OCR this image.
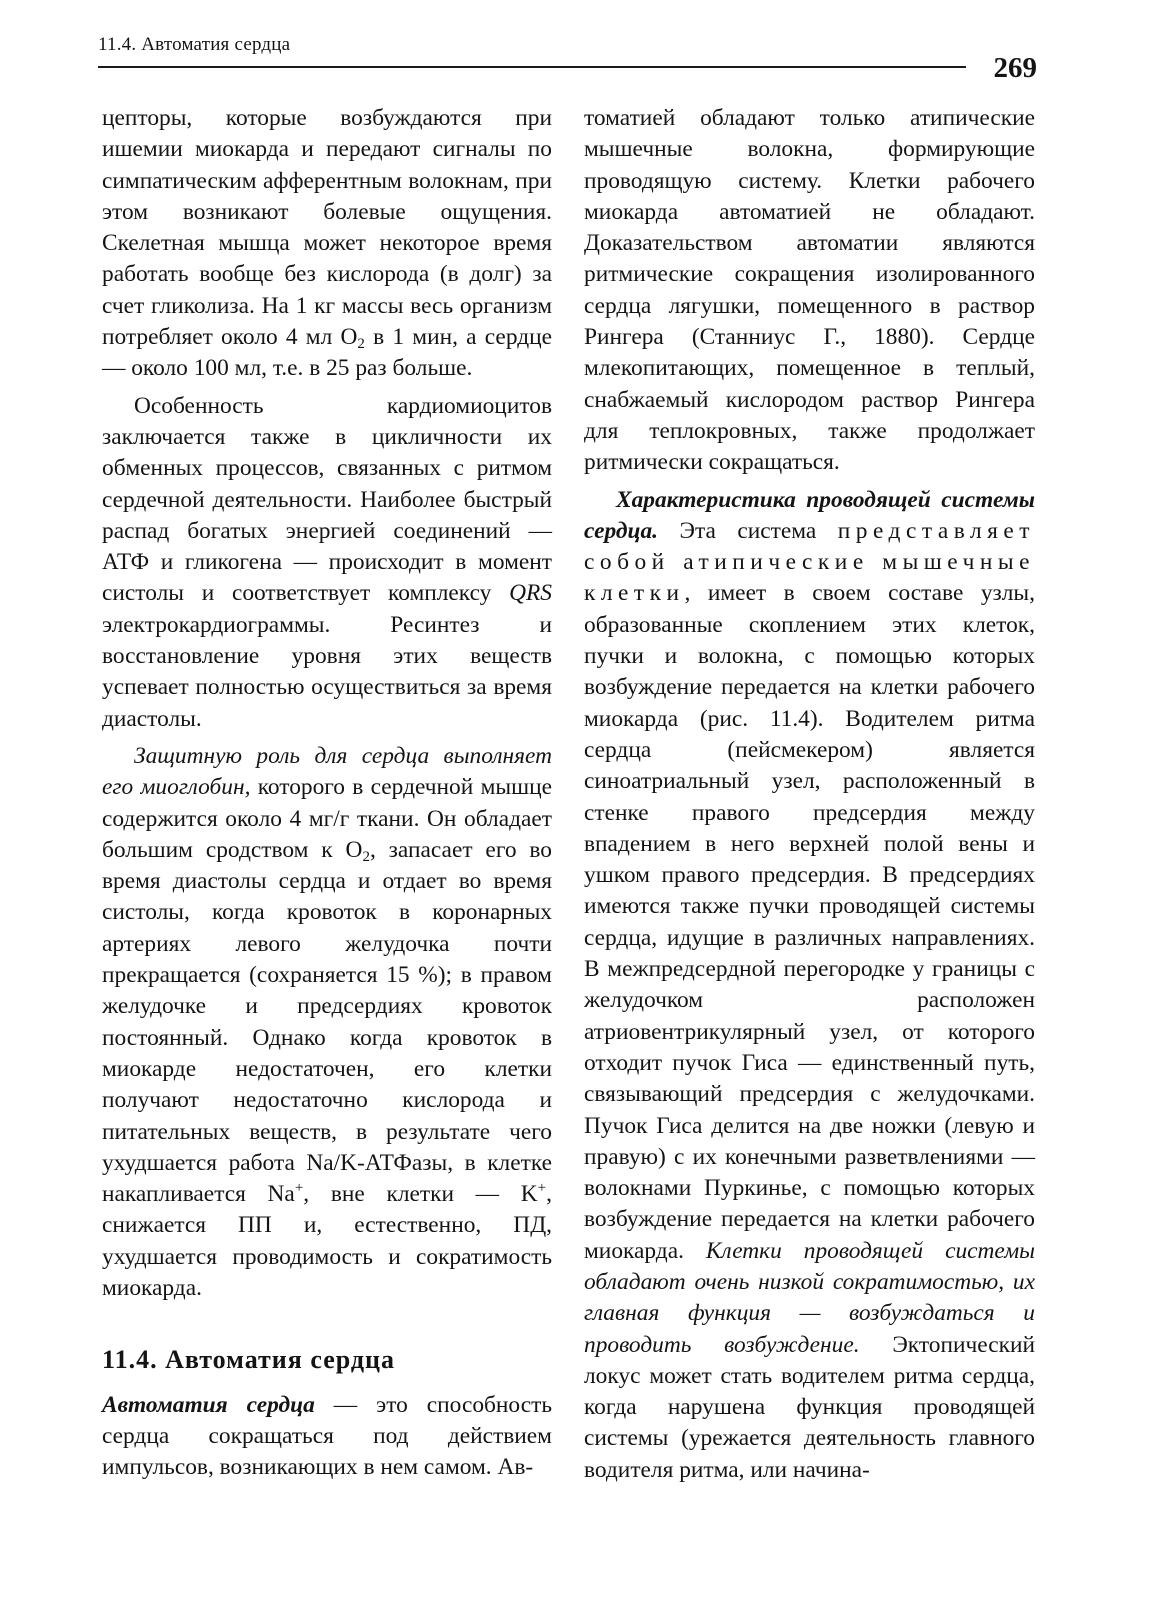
11.4. Автоматия сердца
269

цепторы, которые возбуждаются при ишемии миокарда и передают сигналы по симпатическим афферентным волокнам, при этом возникают болевые ощущения. Скелетная мышца может некоторое время работать вообще без кислорода (в долг) за счет гликолиза. На 1 кг массы весь организм потребляет около 4 мл $О_2$ в 1 мин, а сердце — около 100 мл, т.е. в 25 раз больше.

Особенность кардиомиоцитов заключается также в цикличности их обменных процессов, связанных с ритмом сердечной деятельности. Наиболее быстрый распад богатых энергией соединений — АТФ и гликогена — происходит в момент систолы и соответствует комплексу QRS электрокардиограммы. Ресинтез и восстановление уровня этих веществ успевает полностью осуществиться за время диастолы.

Защитную роль для сердца выполняет его миоглобин, которого в сердечной мышце содержится около 4 мг/г ткани. Он обладает большим сродством к $О_2$, запасает его во время диастолы сердца и отдает во время систолы, когда кровоток в коронарных артериях левого желудочка почти прекращается (сохраняется 15 %); в правом желудочке и предсердиях кровоток постоянный. Однако когда кровоток в миокарде недостаточен, его клетки получают недостаточно кислорода и питательных веществ, в результате чего ухудшается работа Na/K-АТФазы, в клетке накапливается Na+, вне клетки — K+, снижается ПП и, естественно, ПД, ухудшается проводимость и сократимость миокарда.

11.4. Автоматия сердца

Автоматия сердца — это способность сердца сокращаться под действием импульсов, возникающих в нем самом. Ав-

томатией обладают только атипические мышечные волокна, формирующие проводящую систему. Клетки рабочего миокарда автоматией не обладают. Доказательством автоматии являются ритмические сокращения изолированного сердца лягушки, помещенного в раствор Рингера (Станниус Г., 1880). Сердце млекопитающих, помещенное в теплый, снабжаемый кислородом раствор Рингера для теплокровных, также продолжает ритмически сокращаться.

Характеристика проводящей системы сердца. Эта система представляет собой атипические мышечные клетки, имеет в своем составе узлы, образованные скоплением этих клеток, пучки и волокна, с помощью которых возбуждение передается на клетки рабочего миокарда (рис. 11.4). Водителем ритма сердца (пейсмекером) является синоатриальный узел, расположенный в стенке правого предсердия между впадением в него верхней полой вены и ушком правого предсердия. В предсердиях имеются также пучки проводящей системы сердца, идущие в различных направлениях. В межпредсердной перегородке у границы с желудочком расположен атриовентрикулярный узел, от которого отходит пучок Гиса — единственный путь, связывающий предсердия с желудочками. Пучок Гиса делится на две ножки (левую и правую) с их конечными разветвлениями — волокнами Пуркинье, с помощью которых возбуждение передается на клетки рабочего миокарда. Клетки проводящей системы обладают очень низкой сократимостью, их главная функция — возбуждаться и проводить возбуждение. Эктопический локус может стать водителем ритма сердца, когда нарушена функция проводящей системы (урежается деятельность главного водителя ритма, или начина-
